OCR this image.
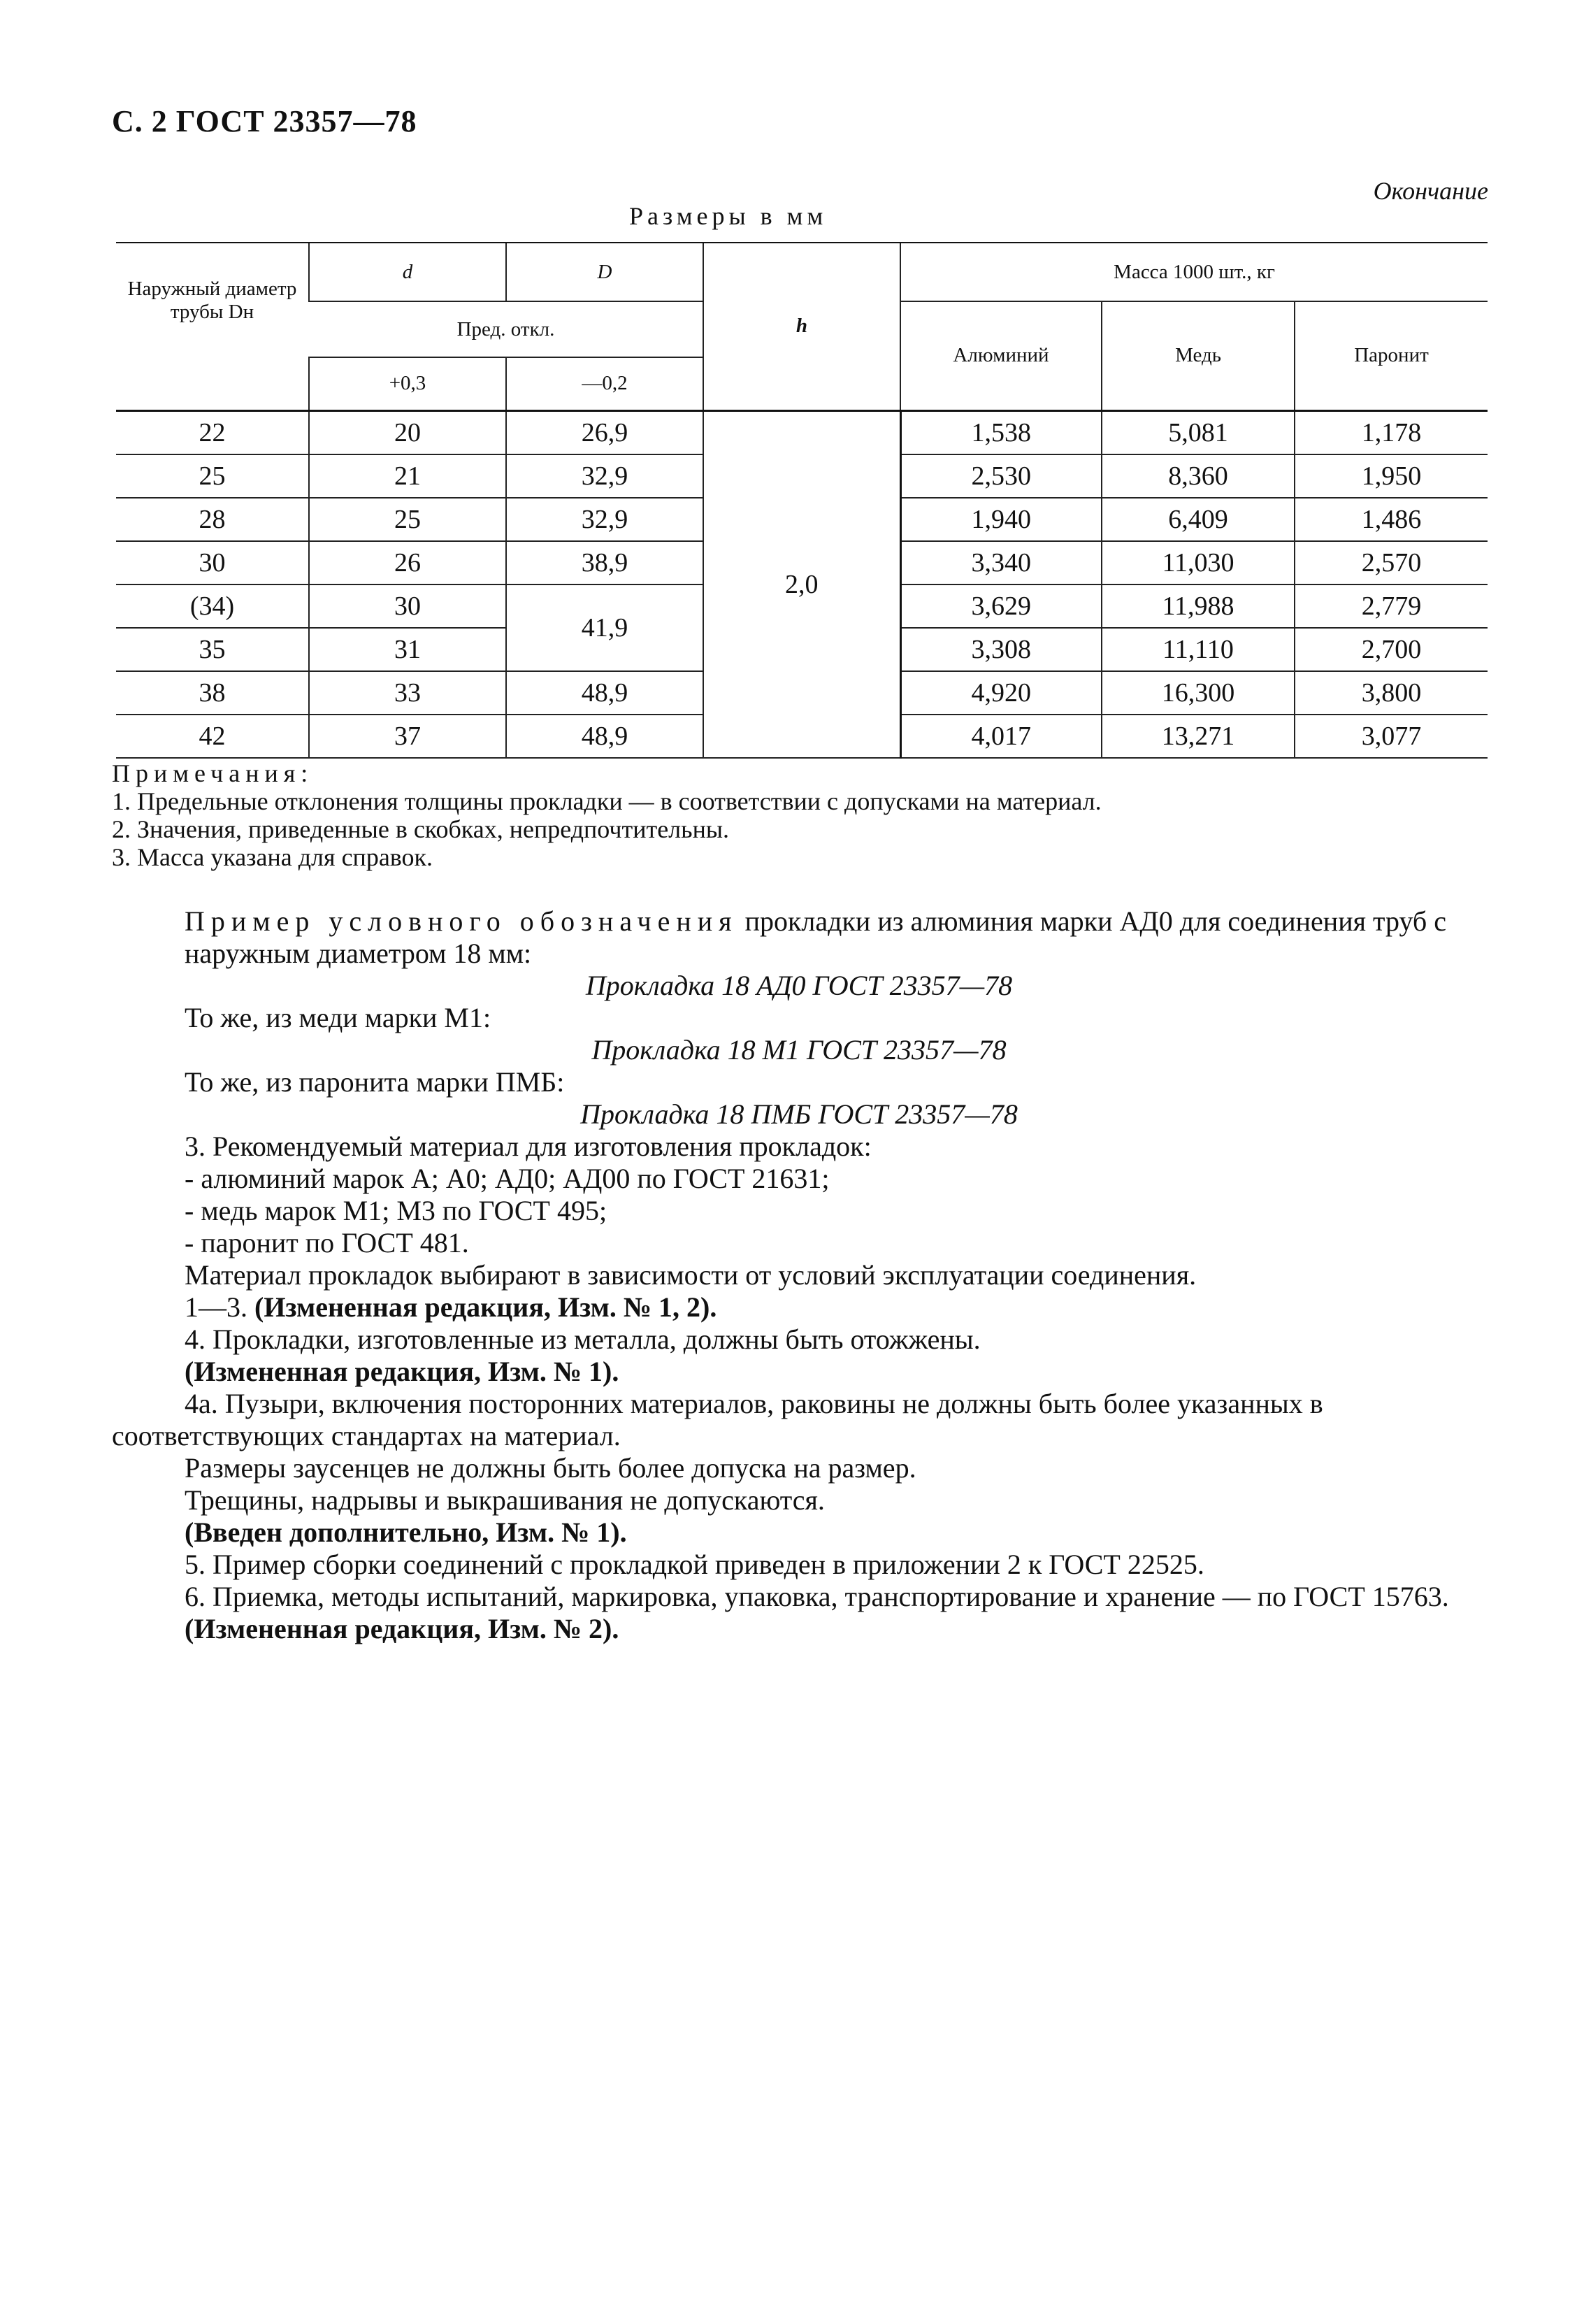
С. 2 ГОСТ 23357—78
Окончание
Размеры в мм
Наружный диаметр трубы Dн	d	D	h	Масса 1000 шт., кг		
	Пред. откл.			Алюминий	Медь	Паронит
	+0,3	—0,2				
22	20	26,9	2,0	1,538	5,081	1,178
25	21	32,9		2,530	8,360	1,950
28	25	32,9		1,940	6,409	1,486
30	26	38,9		3,340	11,030	2,570
(34)	30	41,9		3,629	11,988	2,779
35	31			3,308	11,110	2,700
38	33	48,9		4,920	16,300	3,800
42	37	48,9		4,017	13,271	3,077
Примечания:
1. Предельные отклонения толщины прокладки — в соответствии с допусками на материал.
2. Значения, приведенные в скобках, непредпочтительны.
3. Масса указана для справок.
Пример условного обозначения прокладки из алюминия марки АД0 для соединения труб с наружным диаметром 18 мм:
Прокладка 18 АД0 ГОСТ 23357—78
То же, из меди марки М1:
Прокладка 18 М1 ГОСТ 23357—78
То же, из паронита марки ПМБ:
Прокладка 18 ПМБ ГОСТ 23357—78
3. Рекомендуемый материал для изготовления прокладок:
- алюминий марок А; А0; АД0; АД00 по ГОСТ 21631;
- медь марок М1; М3 по ГОСТ 495;
- паронит по ГОСТ 481.
Материал прокладок выбирают в зависимости от условий эксплуатации соединения.
1—3. (Измененная редакция, Изм. № 1, 2).
4. Прокладки, изготовленные из металла, должны быть отожжены.
(Измененная редакция, Изм. № 1).
4а. Пузыри, включения посторонних материалов, раковины не должны быть более указанных в соответствующих стандартах на материал.
Размеры заусенцев не должны быть более допуска на размер.
Трещины, надрывы и выкрашивания не допускаются.
(Введен дополнительно, Изм. № 1).
5. Пример сборки соединений с прокладкой приведен в приложении 2 к ГОСТ 22525.
6. Приемка, методы испытаний, маркировка, упаковка, транспортирование и хранение — по ГОСТ 15763.
(Измененная редакция, Изм. № 2).
